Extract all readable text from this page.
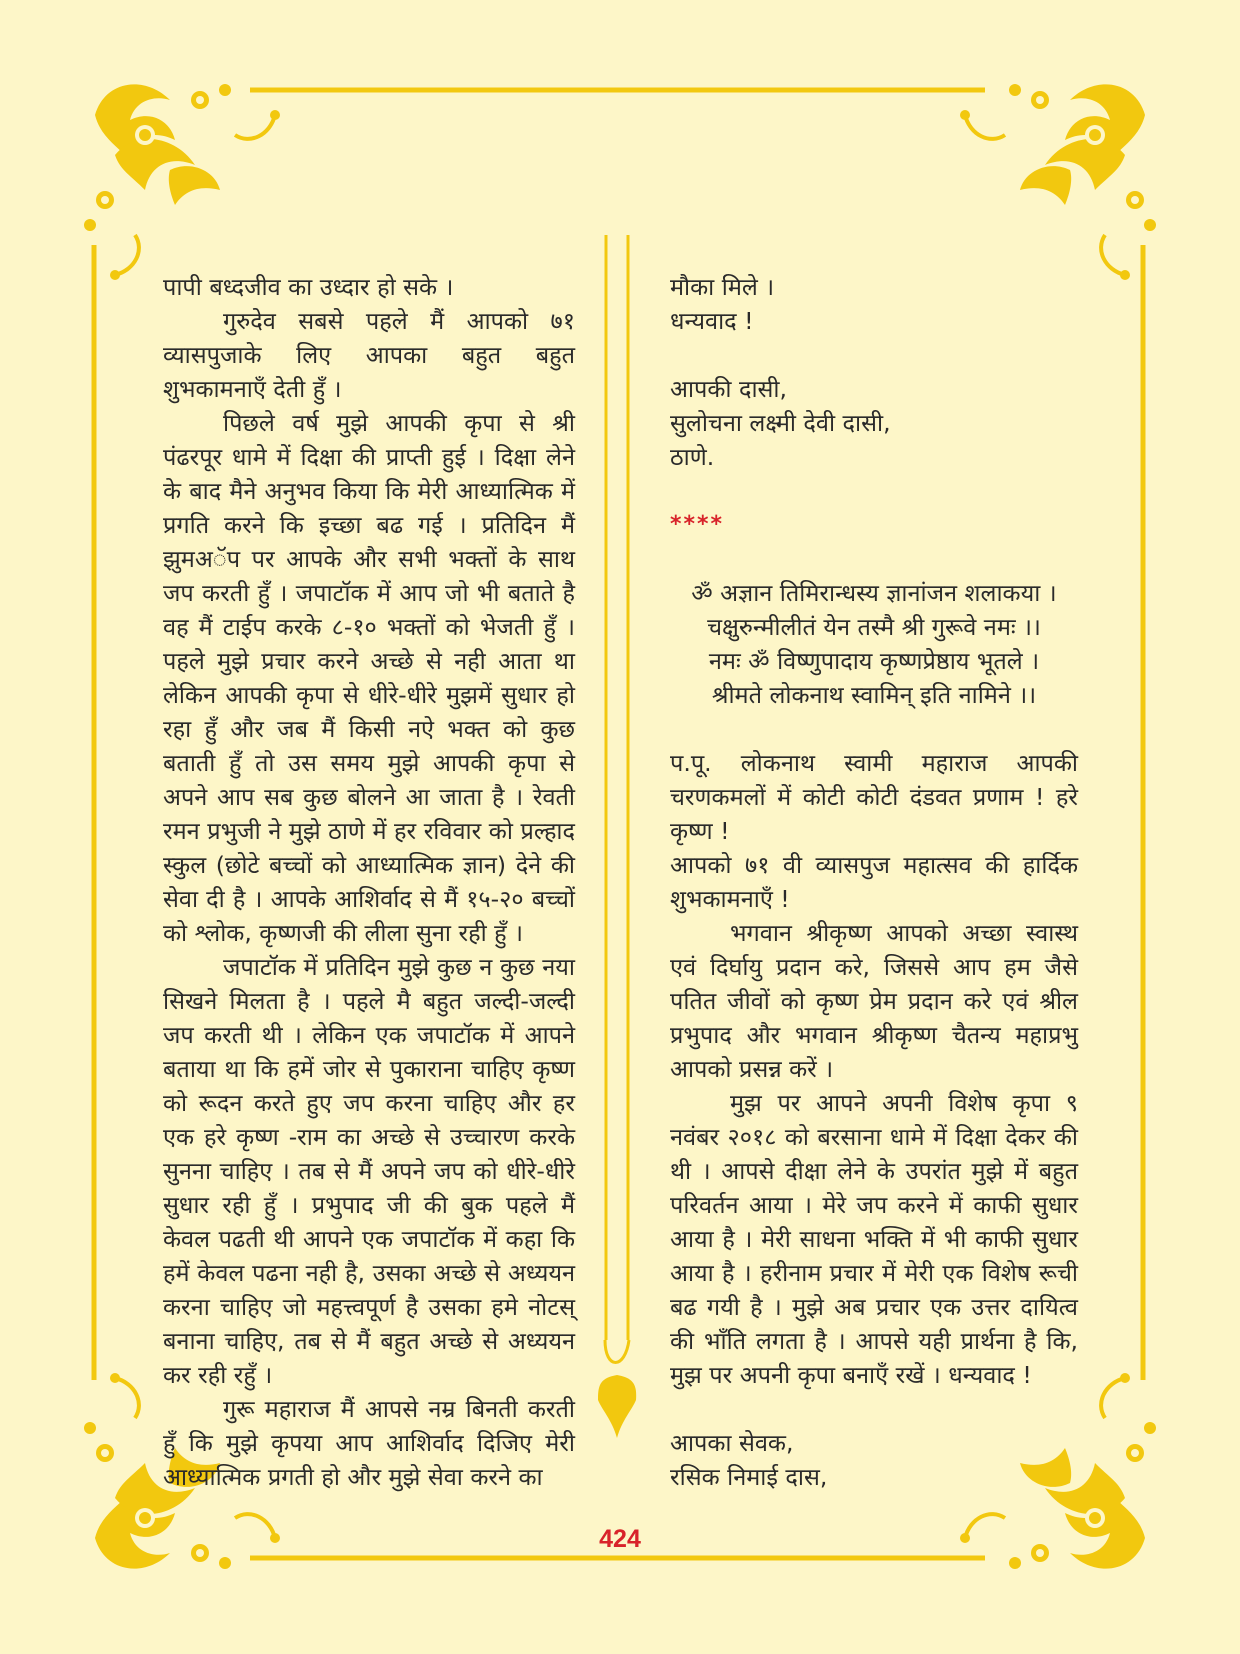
पापी बध्दजीव का उध्दार हो सके ।

गुरुदेव सबसे पहले मैं आपको ७१ व्यासपुजाके लिए आपका बहुत बहुत शुभकामनाएँ देती हुँ ।

पिछले वर्ष मुझे आपकी कृपा से श्री पंढरपूर धामे में दिक्षा की प्राप्ती हुई । दिक्षा लेने के बाद मैने अनुभव किया कि मेरी आध्यात्मिक में प्रगति करने कि इच्छा बढ गई । प्रतिदिन मैं झुमअॅप पर आपके और सभी भक्तों के साथ जप करती हुँ । जपाटॉक में आप जो भी बताते है वह मैं टाईप करके ८-१० भक्तों को भेजती हुँ । पहले मुझे प्रचार करने अच्छे से नही आता था लेकिन आपकी कृपा से धीरे-धीरे मुझमें सुधार हो रहा हुँ और जब मैं किसी नऐ भक्त को कुछ बताती हुँ तो उस समय मुझे आपकी कृपा से अपने आप सब कुछ बोलने आ जाता है । रेवती रमन प्रभुजी ने मुझे ठाणे में हर रविवार को प्रल्हाद स्कुल (छोटे बच्चों को आध्यात्मिक ज्ञान) देने की सेवा दी है । आपके आशिर्वाद से मैं १५-२० बच्चों को श्लोक, कृष्णजी की लीला सुना रही हुँ ।

जपाटॉक में प्रतिदिन मुझे कुछ न कुछ नया सिखने मिलता है । पहले मै बहुत जल्दी-जल्दी जप करती थी । लेकिन एक जपाटॉक में आपने बताया था कि हमें जोर से पुकाराना चाहिए कृष्ण को रूदन करते हुए जप करना चाहिए और हर एक हरे कृष्ण -राम का अच्छे से उच्चारण करके सुनना चाहिए । तब से मैं अपने जप को धीरे-धीरे सुधार रही हुँ । प्रभुपाद जी की बुक पहले मैं केवल पढती थी आपने एक जपाटॉक में कहा कि हमें केवल पढना नही है, उसका अच्छे से अध्ययन करना चाहिए जो महत्त्वपूर्ण है उसका हमे नोटस् बनाना चाहिए, तब से मैं बहुत अच्छे से अध्ययन कर रही रहुँ ।

गुरू महाराज मैं आपसे नम्र बिनती करती हुँ कि मुझे कृपया आप आशिर्वाद दिजिए मेरी आध्यात्मिक प्रगती हो और मुझे सेवा करने का

मौका मिले ।

धन्यवाद !

आपकी दासी,

सुलोचना लक्ष्मी देवी दासी,

ठाणे.

****

ॐ अज्ञान तिमिरान्धस्य ज्ञानांजन शलाकया ।

चक्षुरुन्मीलीतं येन तस्मै श्री गुरूवे नमः ।।

नमः ॐ विष्णुपादाय कृष्णप्रेष्ठाय भूतले ।

श्रीमते लोकनाथ स्वामिन् इति नामिने ।।

प.पू. लोकनाथ स्वामी महाराज आपकी चरणकमलों में कोटी कोटी दंडवत प्रणाम ! हरे कृष्ण !

आपको ७१ वी व्यासपुज महात्सव की हार्दिक शुभकामनाएँ !

भगवान श्रीकृष्ण आपको अच्छा स्वास्थ एवं दिर्घायु प्रदान करे, जिससे आप हम जैसे पतित जीवों को कृष्ण प्रेम प्रदान करे एवं श्रील प्रभुपाद और भगवान श्रीकृष्ण चैतन्य महाप्रभु आपको प्रसन्न करें ।

मुझ पर आपने अपनी विशेष कृपा ९ नवंबर २०१८ को बरसाना धामे में दिक्षा देकर की थी । आपसे दीक्षा लेने के उपरांत मुझे में बहुत परिवर्तन आया । मेरे जप करने में काफी सुधार आया है । मेरी साधना भक्ति में भी काफी सुधार आया है । हरीनाम प्रचार में मेरी एक विशेष रूची बढ गयी है । मुझे अब प्रचार एक उत्तर दायित्व की भाँति लगता है । आपसे यही प्रार्थना है कि, मुझ पर अपनी कृपा बनाएँ रखें । धन्यवाद !

आपका सेवक,

रसिक निमाई दास,

424
